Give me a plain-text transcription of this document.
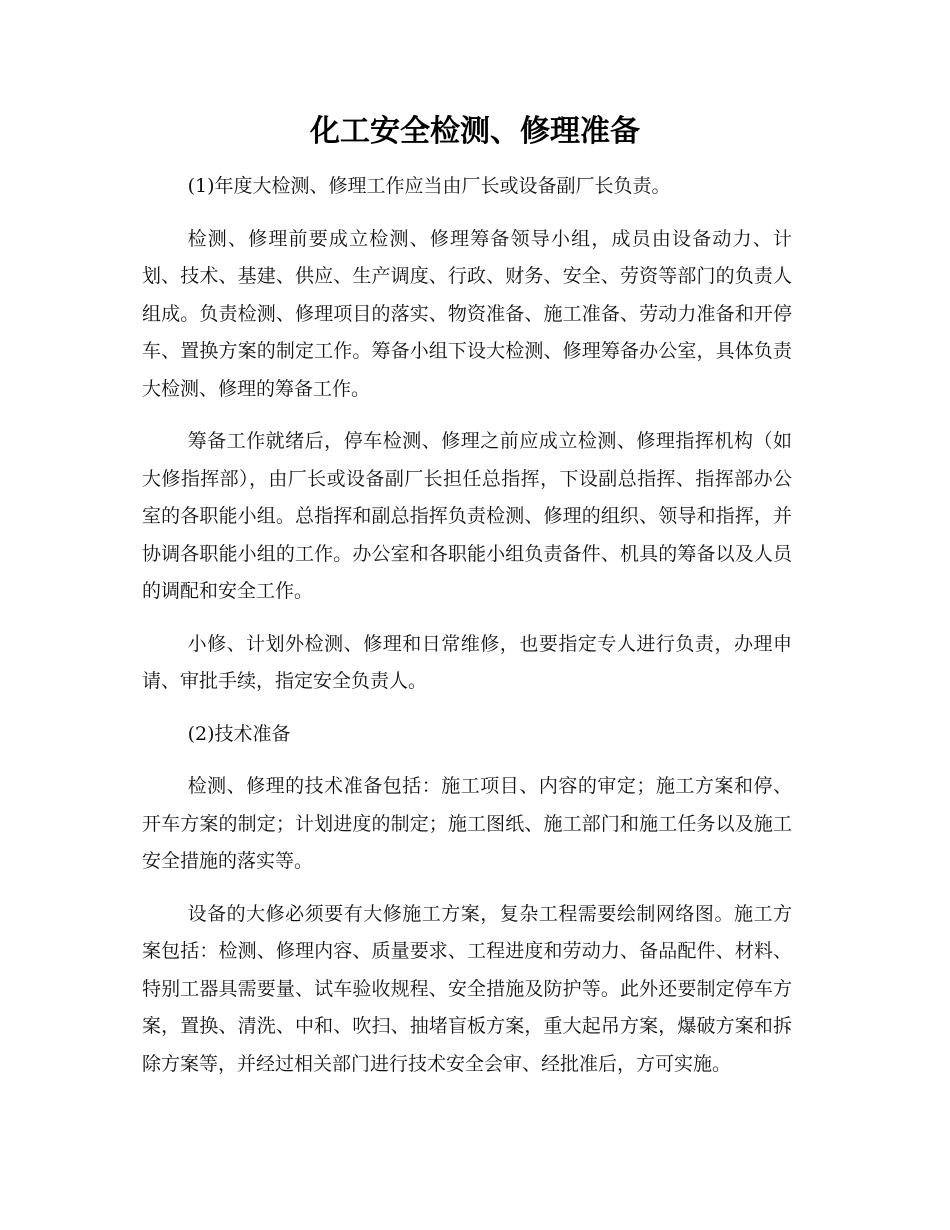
化工安全检测、修理准备

(1)年度大检测、修理工作应当由厂长或设备副厂长负责。

检测、修理前要成立检测、修理筹备领导小组，成员由设备动力、计划、技术、基建、供应、生产调度、行政、财务、安全、劳资等部门的负责人组成。负责检测、修理项目的落实、物资准备、施工准备、劳动力准备和开停车、置换方案的制定工作。筹备小组下设大检测、修理筹备办公室，具体负责大检测、修理的筹备工作。

筹备工作就绪后，停车检测、修理之前应成立检测、修理指挥机构（如大修指挥部），由厂长或设备副厂长担任总指挥，下设副总指挥、指挥部办公室的各职能小组。总指挥和副总指挥负责检测、修理的组织、领导和指挥，并协调各职能小组的工作。办公室和各职能小组负责备件、机具的筹备以及人员的调配和安全工作。

小修、计划外检测、修理和日常维修，也要指定专人进行负责，办理申请、审批手续，指定安全负责人。

(2)技术准备

检测、修理的技术准备包括：施工项目、内容的审定；施工方案和停、开车方案的制定；计划进度的制定；施工图纸、施工部门和施工任务以及施工安全措施的落实等。

设备的大修必须要有大修施工方案，复杂工程需要绘制网络图。施工方案包括：检测、修理内容、质量要求、工程进度和劳动力、备品配件、材料、特别工器具需要量、试车验收规程、安全措施及防护等。此外还要制定停车方案，置换、清洗、中和、吹扫、抽堵盲板方案，重大起吊方案，爆破方案和拆除方案等，并经过相关部门进行技术安全会审、经批准后，方可实施。
